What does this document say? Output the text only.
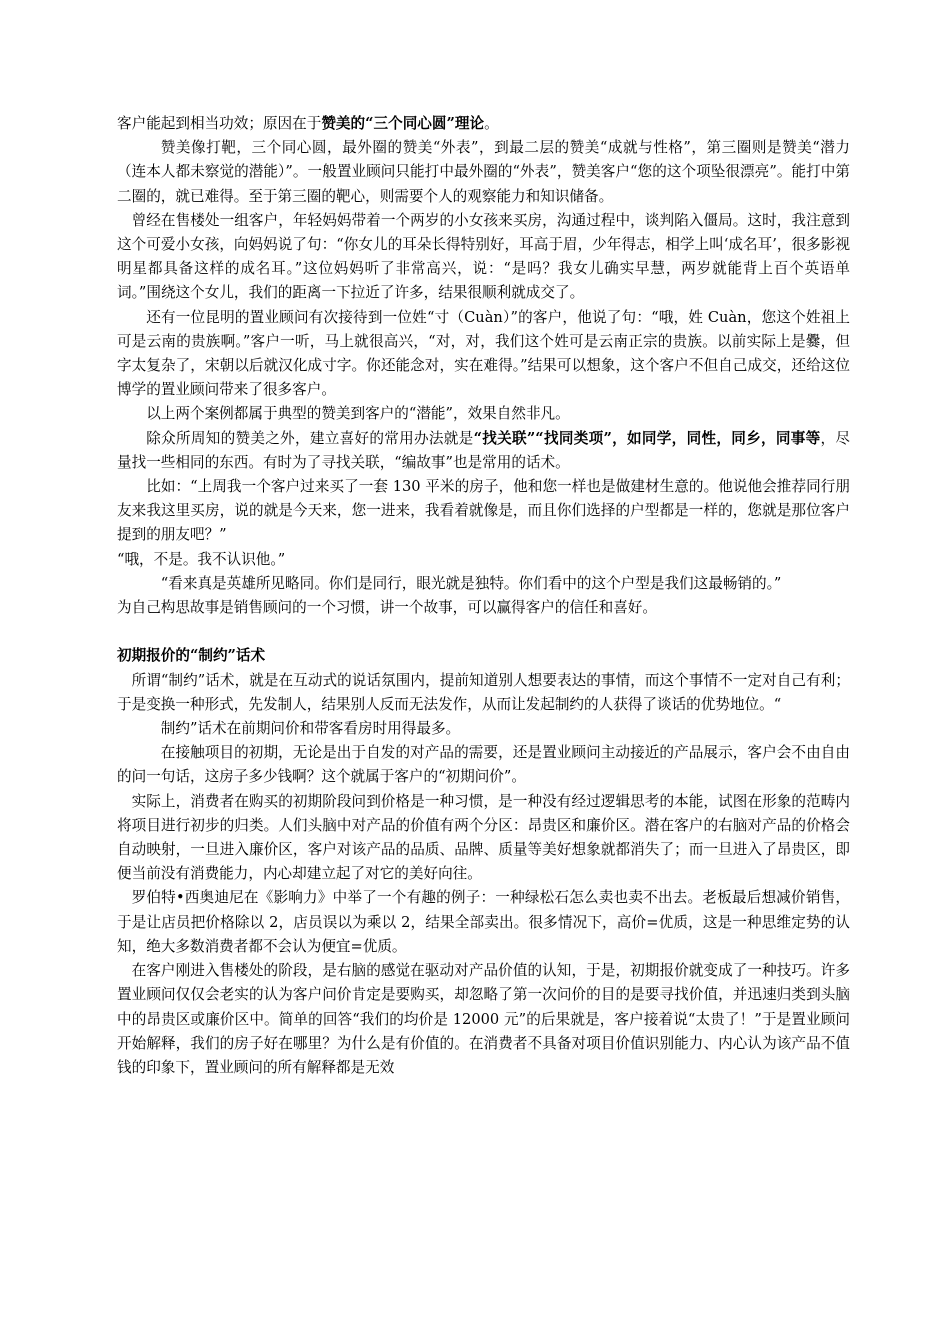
客户能起到相当功效；原因在于赞美的“三个同心圆”理论。

赞美像打靶，三个同心圆，最外圈的赞美“外表”，到最二层的赞美“成就与性格”，第三圈则是赞美“潜力（连本人都未察觉的潜能）”。一般置业顾问只能打中最外圈的“外表”，赞美客户“您的这个项坠很漂亮”。能打中第二圈的，就已难得。至于第三圈的靶心，则需要个人的观察能力和知识储备。

曾经在售楼处一组客户，年轻妈妈带着一个两岁的小女孩来买房，沟通过程中，谈判陷入僵局。这时，我注意到这个可爱小女孩，向妈妈说了句：“你女儿的耳朵长得特别好，耳高于眉，少年得志，相学上叫‘成名耳’，很多影视明星都具备这样的成名耳。”这位妈妈听了非常高兴，说：“是吗？我女儿确实早慧，两岁就能背上百个英语单词。”围绕这个女儿，我们的距离一下拉近了许多，结果很顺利就成交了。

还有一位昆明的置业顾问有次接待到一位姓“寸（Cuàn）”的客户，他说了句：“哦，姓 Cuàn，您这个姓祖上可是云南的贵族啊。”客户一听，马上就很高兴，“对，对，我们这个姓可是云南正宗的贵族。以前实际上是爨，但字太复杂了，宋朝以后就汉化成寸字。你还能念对，实在难得。”结果可以想象，这个客户不但自己成交，还给这位博学的置业顾问带来了很多客户。

以上两个案例都属于典型的赞美到客户的“潜能”，效果自然非凡。

除众所周知的赞美之外，建立喜好的常用办法就是“找关联”“找同类项”，如同学，同性，同乡，同事等，尽量找一些相同的东西。有时为了寻找关联，“编故事”也是常用的话术。

比如：“上周我一个客户过来买了一套 130 平米的房子，他和您一样也是做建材生意的。他说他会推荐同行朋友来我这里买房，说的就是今天来，您一进来，我看着就像是，而且你们选择的户型都是一样的，您就是那位客户提到的朋友吧？”

“哦，不是。我不认识他。”

“看来真是英雄所见略同。你们是同行，眼光就是独特。你们看中的这个户型是我们这最畅销的。”

为自己构思故事是销售顾问的一个习惯，讲一个故事，可以赢得客户的信任和喜好。

初期报价的“制约”话术

所谓“制约”话术，就是在互动式的说话氛围内，提前知道别人想要表达的事情，而这个事情不一定对自己有利；于是变换一种形式，先发制人，结果别人反而无法发作，从而让发起制约的人获得了谈话的优势地位。“

制约”话术在前期问价和带客看房时用得最多。

在接触项目的初期，无论是出于自发的对产品的需要，还是置业顾问主动接近的产品展示，客户会不由自由的问一句话，这房子多少钱啊？这个就属于客户的“初期问价”。

实际上，消费者在购买的初期阶段问到价格是一种习惯，是一种没有经过逻辑思考的本能，试图在形象的范畴内将项目进行初步的归类。人们头脑中对产品的价值有两个分区：昂贵区和廉价区。潜在客户的右脑对产品的价格会自动映射，一旦进入廉价区，客户对该产品的品质、品牌、质量等美好想象就都消失了；而一旦进入了昂贵区，即便当前没有消费能力，内心却建立起了对它的美好向往。

罗伯特•西奥迪尼在《影响力》中举了一个有趣的例子：一种绿松石怎么卖也卖不出去。老板最后想减价销售，于是让店员把价格除以 2，店员误以为乘以 2，结果全部卖出。很多情况下，高价=优质，这是一种思维定势的认知，绝大多数消费者都不会认为便宜=优质。

在客户刚进入售楼处的阶段，是右脑的感觉在驱动对产品价值的认知，于是，初期报价就变成了一种技巧。许多置业顾问仅仅会老实的认为客户问价肯定是要购买，却忽略了第一次问价的目的是要寻找价值，并迅速归类到头脑中的昂贵区或廉价区中。简单的回答“我们的均价是 12000 元”的后果就是，客户接着说“太贵了！”于是置业顾问开始解释，我们的房子好在哪里？为什么是有价值的。在消费者不具备对项目价值识别能力、内心认为该产品不值钱的印象下，置业顾问的所有解释都是无效
